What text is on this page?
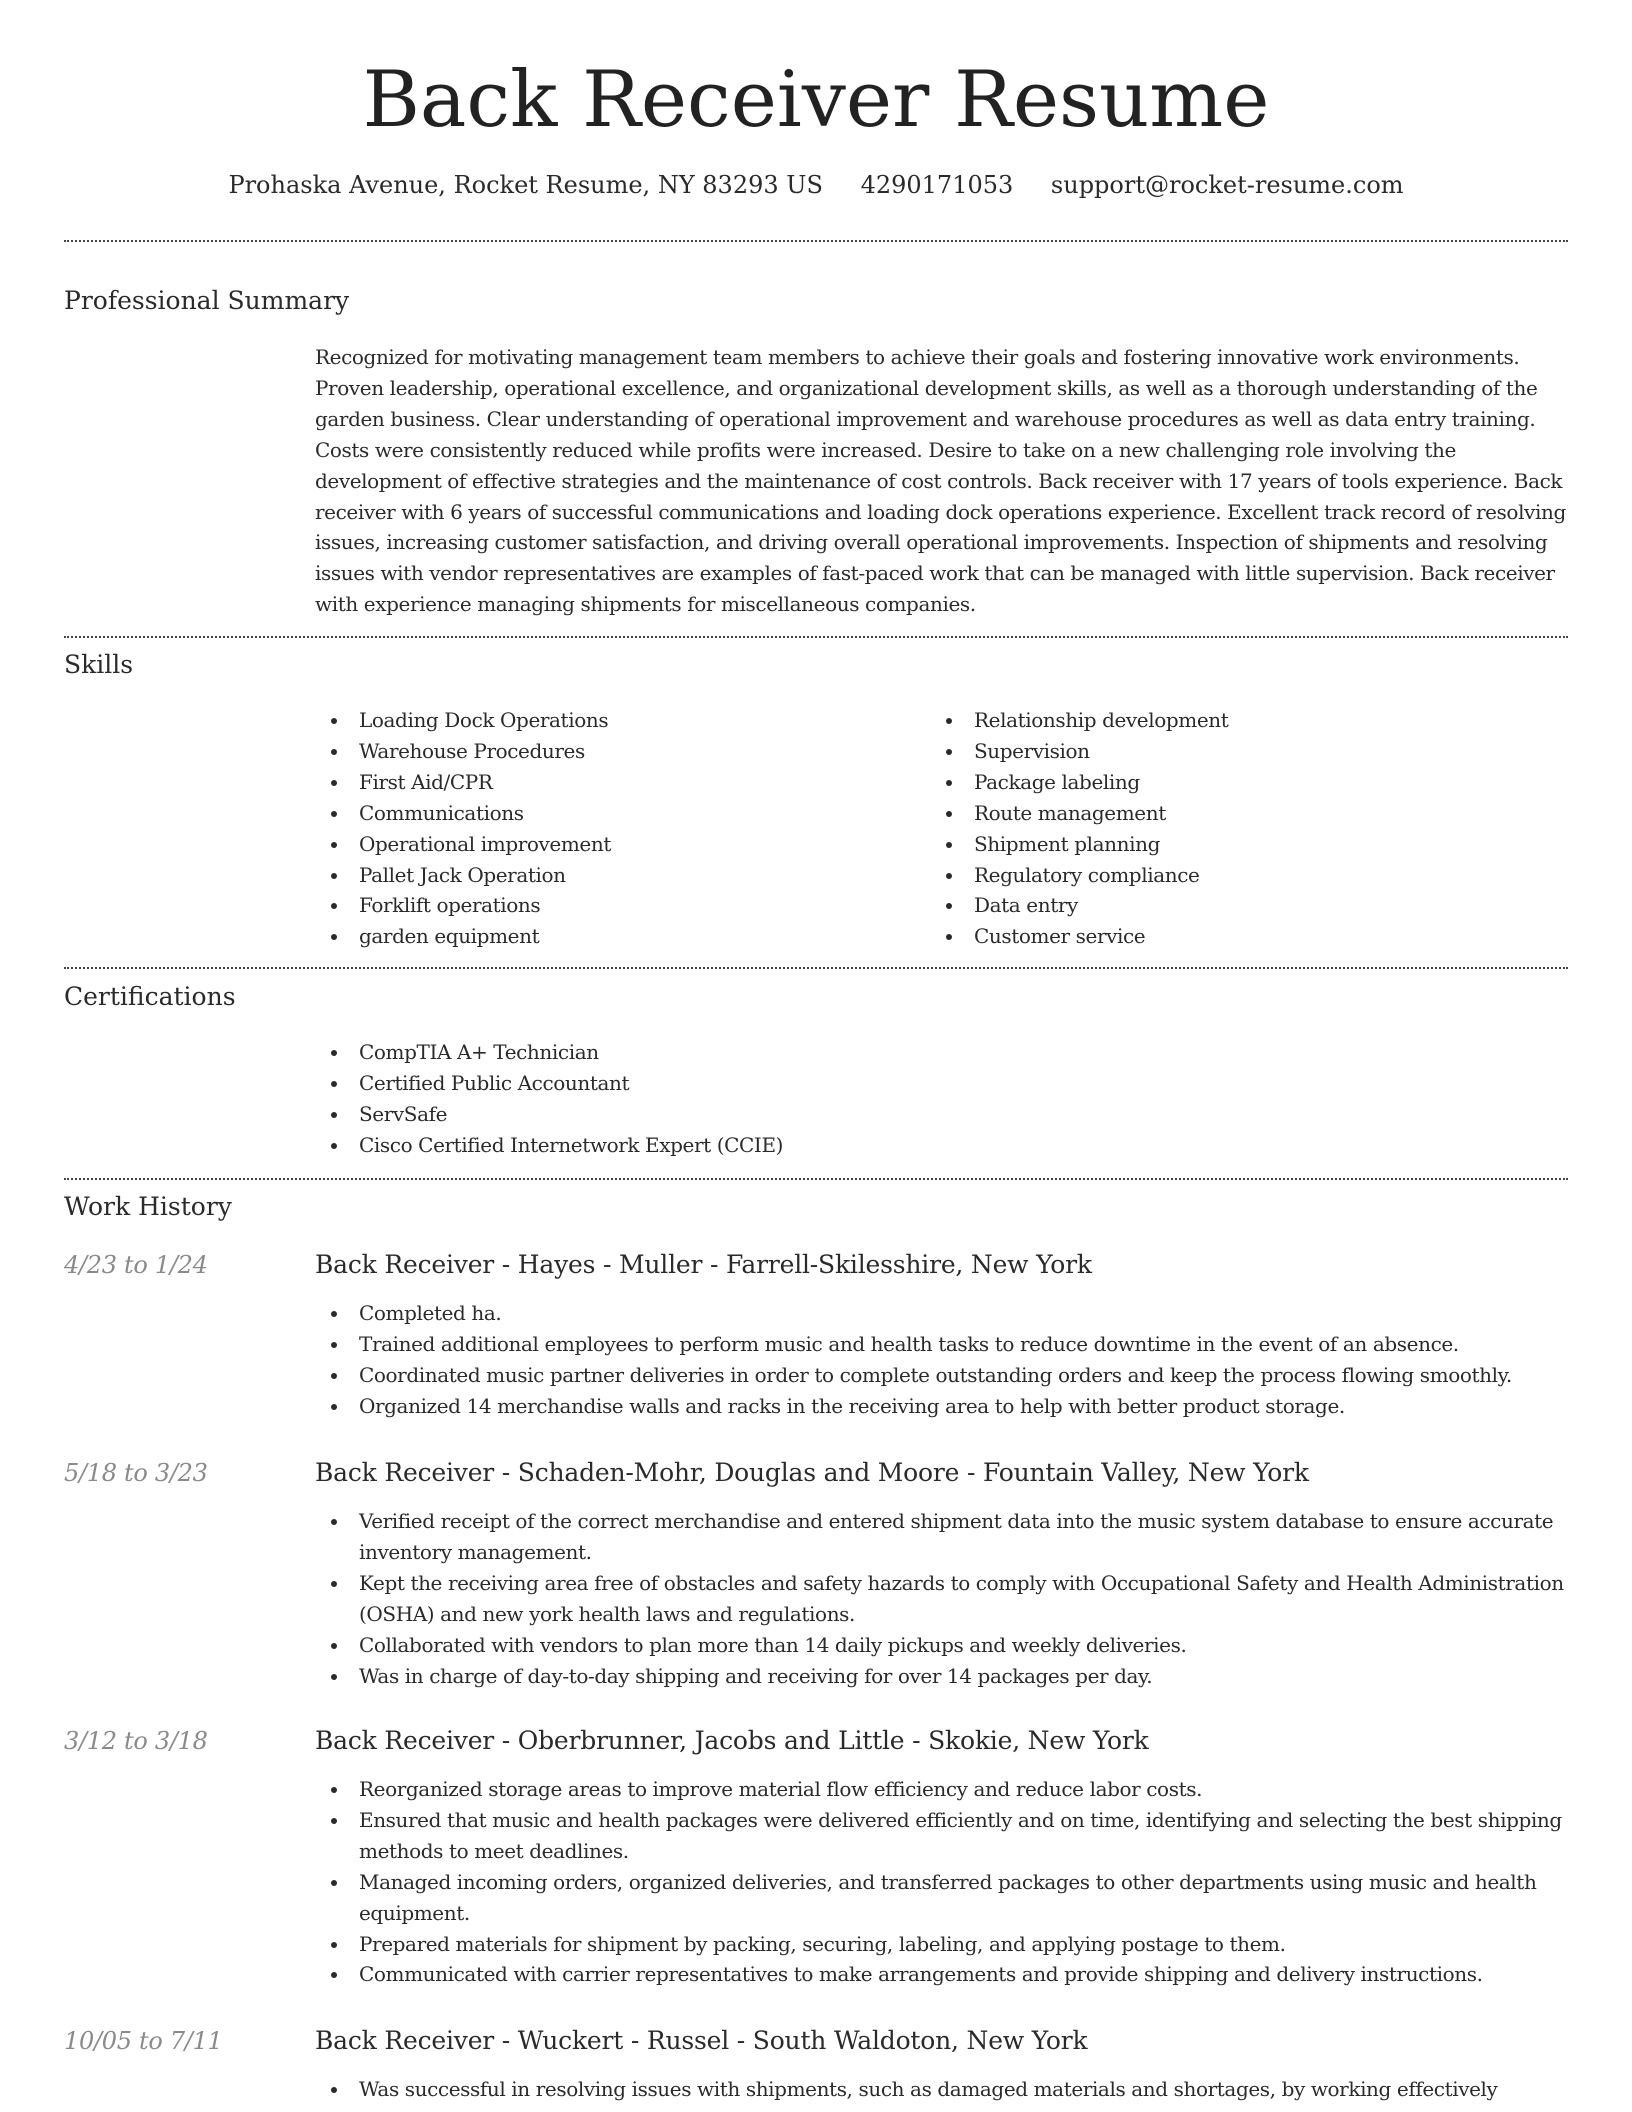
Back Receiver Resume
Prohaska Avenue, Rocket Resume, NY 83293 US 4290171053 support@rocket-resume.com
Professional Summary
Recognized for motivating management team members to achieve their goals and fostering innovative work environments. Proven leadership, operational excellence, and organizational development skills, as well as a thorough understanding of the garden business. Clear understanding of operational improvement and warehouse procedures as well as data entry training. Costs were consistently reduced while profits were increased. Desire to take on a new challenging role involving the development of effective strategies and the maintenance of cost controls. Back receiver with 17 years of tools experience. Back receiver with 6 years of successful communications and loading dock operations experience. Excellent track record of resolving issues, increasing customer satisfaction, and driving overall operational improvements. Inspection of shipments and resolving issues with vendor representatives are examples of fast-paced work that can be managed with little supervision. Back receiver with experience managing shipments for miscellaneous companies.
Skills
Loading Dock Operations
Warehouse Procedures
First Aid/CPR
Communications
Operational improvement
Pallet Jack Operation
Forklift operations
garden equipment
Relationship development
Supervision
Package labeling
Route management
Shipment planning
Regulatory compliance
Data entry
Customer service
Certifications
CompTIA A+ Technician
Certified Public Accountant
ServSafe
Cisco Certified Internetwork Expert (CCIE)
Work History
4/23 to 1/24	Back Receiver - Hayes - Muller - Farrell-Skilesshire, New York
Completed ha.
Trained additional employees to perform music and health tasks to reduce downtime in the event of an absence.
Coordinated music partner deliveries in order to complete outstanding orders and keep the process flowing smoothly.
Organized 14 merchandise walls and racks in the receiving area to help with better product storage.
5/18 to 3/23	Back Receiver - Schaden-Mohr, Douglas and Moore - Fountain Valley, New York
Verified receipt of the correct merchandise and entered shipment data into the music system database to ensure accurate inventory management.
Kept the receiving area free of obstacles and safety hazards to comply with Occupational Safety and Health Administration (OSHA) and new york health laws and regulations.
Collaborated with vendors to plan more than 14 daily pickups and weekly deliveries.
Was in charge of day-to-day shipping and receiving for over 14 packages per day.
3/12 to 3/18	Back Receiver - Oberbrunner, Jacobs and Little - Skokie, New York
Reorganized storage areas to improve material flow efficiency and reduce labor costs.
Ensured that music and health packages were delivered efficiently and on time, identifying and selecting the best shipping methods to meet deadlines.
Managed incoming orders, organized deliveries, and transferred packages to other departments using music and health equipment.
Prepared materials for shipment by packing, securing, labeling, and applying postage to them.
Communicated with carrier representatives to make arrangements and provide shipping and delivery instructions.
10/05 to 7/11	Back Receiver - Wuckert - Russel - South Waldoton, New York
Was successful in resolving issues with shipments, such as damaged materials and shortages, by working effectively
